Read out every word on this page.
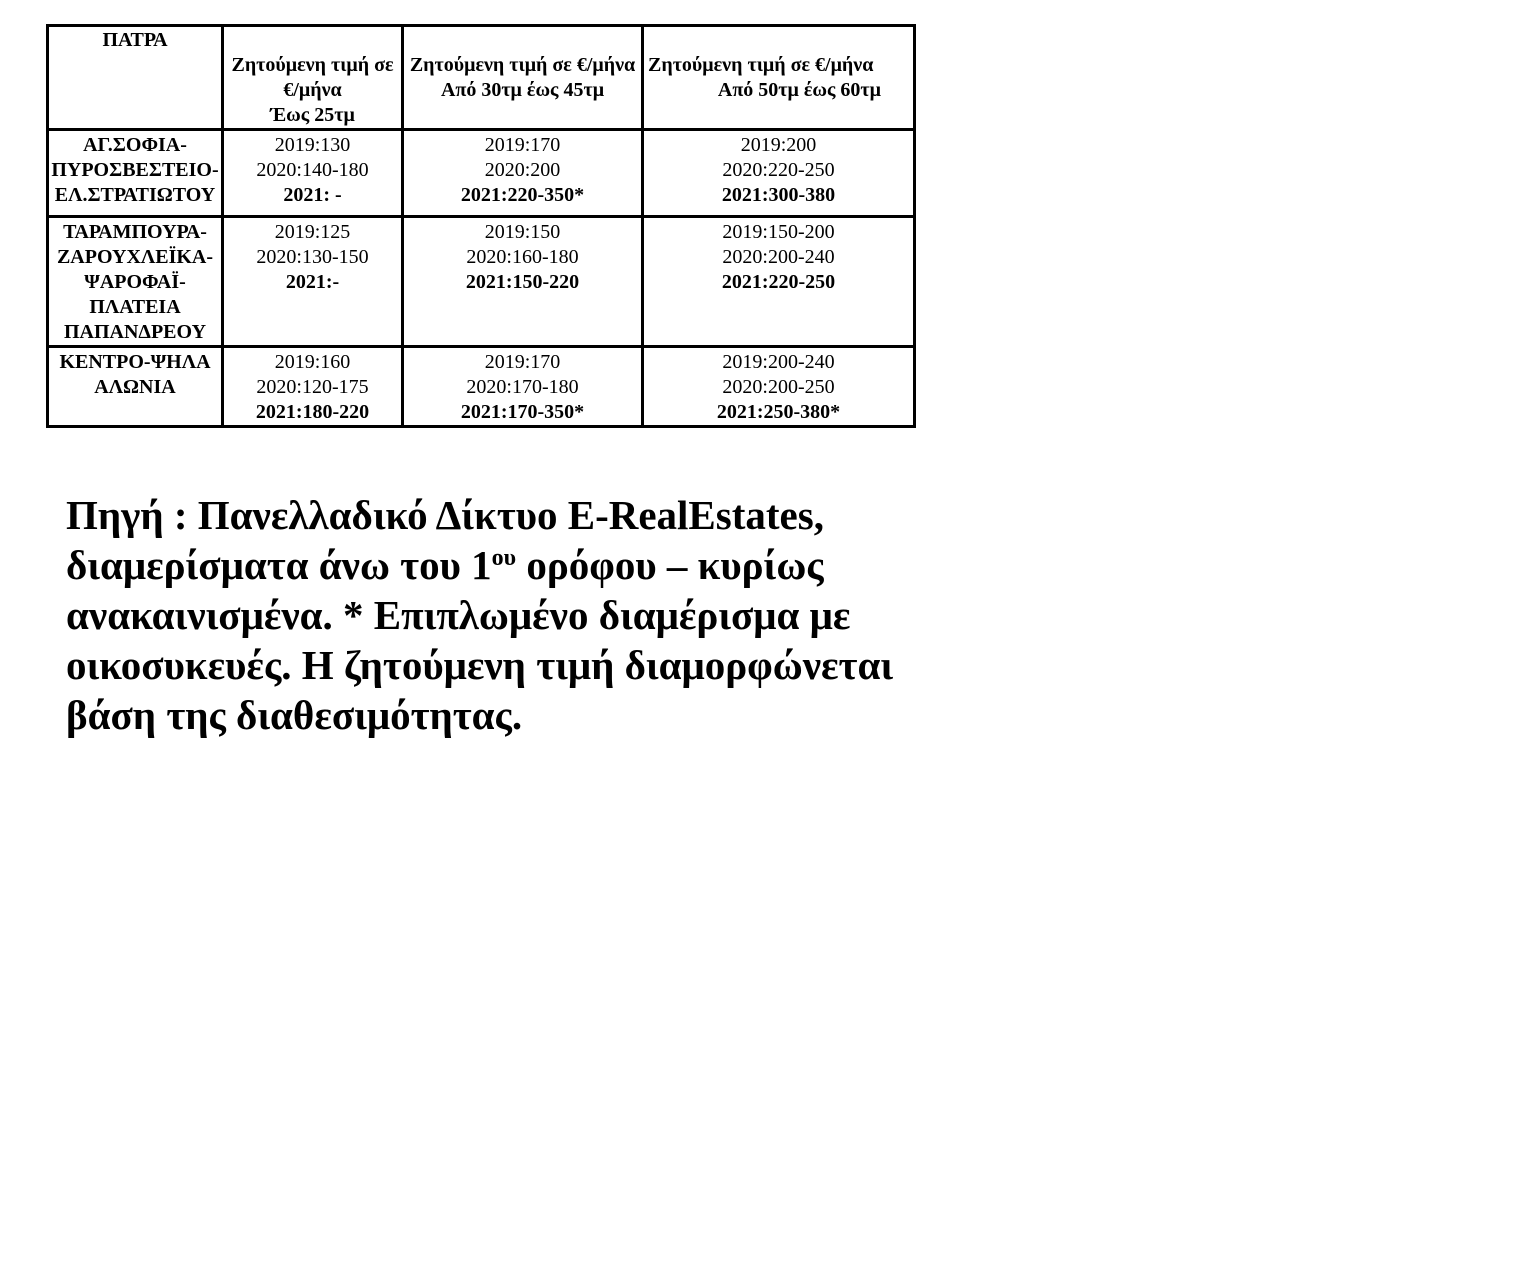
ΠΑΤΡΑ	Ζητούμενη τιμή σε
€/μήνα
Έως 25τμ	Ζητούμενη τιμή σε €/μήνα
Από 30τμ έως 45τμ	Ζητούμενη τιμή σε €/μήνα
Από 50τμ έως 60τμ

ΑΓ.ΣΟΦΙΑ-
ΠΥΡΟΣΒΕΣΤΕΙΟ-
ΕΛ.ΣΤΡΑΤΙΩΤΟΥ	2019:130
2020:140-180
2021: -	2019:170
2020:200
2021:220-350*	2019:200
2020:220-250
2021:300-380

ΤΑΡΑΜΠΟΥΡΑ-
ΖΑΡΟΥΧΛΕΪΚΑ-
ΨΑΡΟΦΑΪ-
ΠΛΑΤΕΙΑ
ΠΑΠΑΝΔΡΕΟΥ	2019:125
2020:130-150
2021:-	2019:150
2020:160-180
2021:150-220	2019:150-200
2020:200-240
2021:220-250

ΚΕΝΤΡΟ-ΨΗΛΑ
ΑΛΩΝΙΑ	2019:160
2020:120-175
2021:180-220	2019:170
2020:170-180
2021:170-350*	2019:200-240
2020:200-250
2021:250-380*

Πηγή : Πανελλαδικό Δίκτυο E-RealEstates, διαμερίσματα άνω του $1^{o\upsilon}$ ορόφου – κυρίως ανακαινισμένα. * Επιπλωμένο διαμέρισμα με οικοσυκευές. Η ζητούμενη τιμή διαμορφώνεται βάση της διαθεσιμότητας.
